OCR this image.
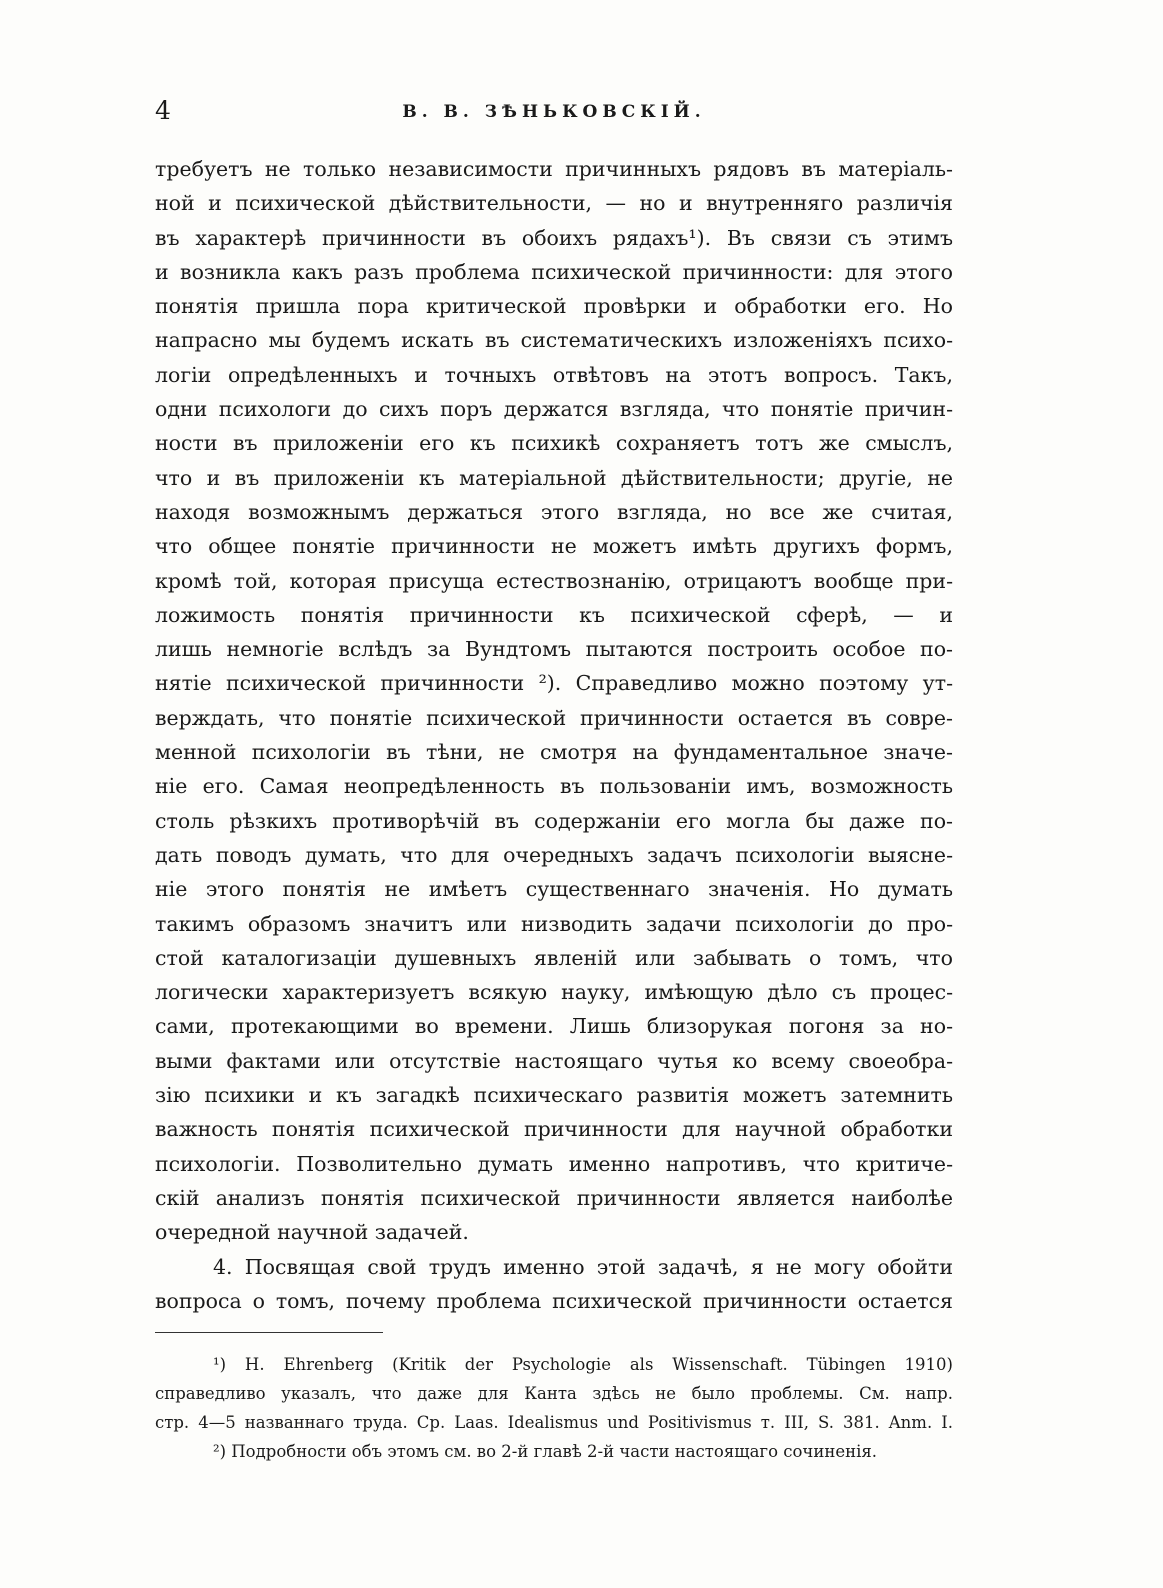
4	В. В. ЗѢНЬКОВСКІЙ.
требуетъ не только независимости причинныхъ рядовъ въ матеріаль-
ной и психической дѣйствительности, — но и внутренняго различія
въ характерѣ причинности въ обоихъ рядахъ¹). Въ связи съ этимъ
и возникла какъ разъ проблема психической причинности: для этого
понятія пришла пора критической провѣрки и обработки его. Но
напрасно мы будемъ искать въ систематическихъ изложеніяхъ психо-
логіи опредѣленныхъ и точныхъ отвѣтовъ на этотъ вопросъ. Такъ,
одни психологи до сихъ поръ держатся взгляда, что понятіе причин-
ности въ приложеніи его къ психикѣ сохраняетъ тотъ же смыслъ,
что и въ приложеніи къ матеріальной дѣйствительности; другіе, не
находя возможнымъ держаться этого взгляда, но все же считая,
что общее понятіе причинности не можетъ имѣть другихъ формъ,
кромѣ той, которая присуща естествознанію, отрицаютъ вообще при-
ложимость понятія причинности къ психической сферѣ, — и
лишь немногіе вслѣдъ за Вундтомъ пытаются построить особое по-
нятіе психической причинности ²). Справедливо можно поэтому ут-
верждать, что понятіе психической причинности остается въ совре-
менной психологіи въ тѣни, не смотря на фундаментальное значе-
ніе его. Самая неопредѣленность въ пользованіи имъ, возможность
столь рѣзкихъ противорѣчій въ содержаніи его могла бы даже по-
дать поводъ думать, что для очередныхъ задачъ психологіи выясне-
ніе этого понятія не имѣетъ существеннаго значенія. Но думать
такимъ образомъ значитъ или низводить задачи психологіи до про-
стой каталогизаціи душевныхъ явленій или забывать о томъ, что
логически характеризуетъ всякую науку, имѣющую дѣло съ процес-
сами, протекающими во времени. Лишь близорукая погоня за но-
выми фактами или отсутствіе настоящаго чутья ко всему своеобра-
зію психики и къ загадкѣ психическаго развитія можетъ затемнить
важность понятія психической причинности для научной обработки
психологіи. Позволительно думать именно напротивъ, что критиче-
скій анализъ понятія психической причинности является наиболѣе
очередной научной задачей.
4. Посвящая свой трудъ именно этой задачѣ, я не могу обойти
вопроса о томъ, почему проблема психической причинности остается
¹) H. Ehrenberg (Kritik der Psychologie als Wissenschaft. Tübingen 1910)
справедливо указалъ, что даже для Канта здѣсь не было проблемы. См. напр.
стр. 4—5 названнаго труда. Ср. Laas. Idealismus und Positivismus т. III, S. 381. Anm. I.
²) Подробности объ этомъ см. во 2-й главѣ 2-й части настоящаго сочиненія.
